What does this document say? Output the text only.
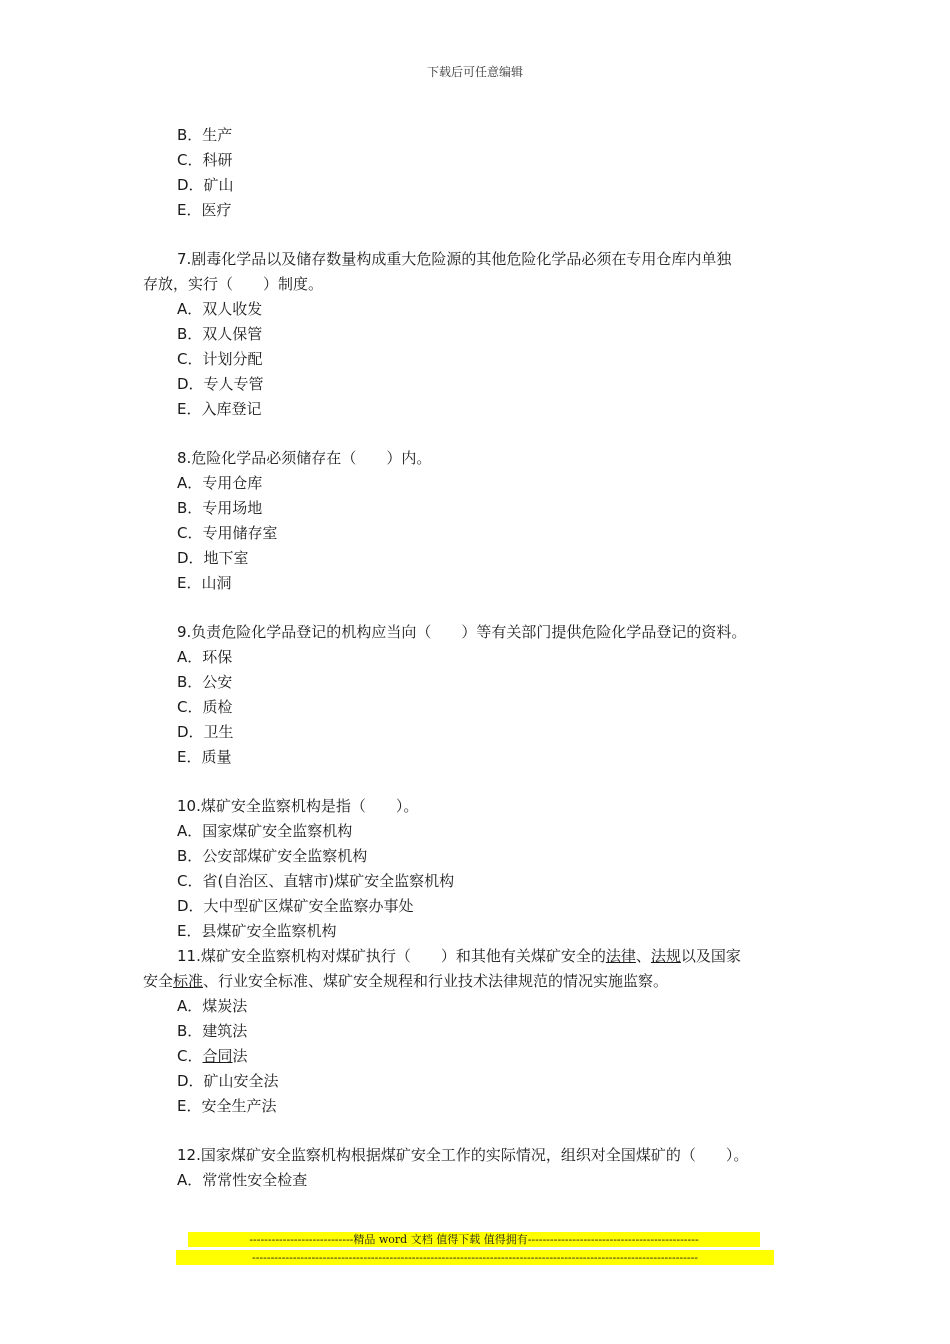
下载后可任意编辑

B．生产

C．科研

D．矿山

E．医疗

7.剧毒化学品以及储存数量构成重大危险源的其他危险化学品必须在专用仓库内单独

存放，实行（　　）制度。

A．双人收发

B．双人保管

C．计划分配

D．专人专管

E．入库登记

8.危险化学品必须储存在（　　）内。

A．专用仓库

B．专用场地

C．专用储存室

D．地下室

E．山洞

9.负责危险化学品登记的机构应当向（　　）等有关部门提供危险化学品登记的资料。

A．环保

B．公安

C．质检

D．卫生

E．质量

10.煤矿安全监察机构是指（　　）。

A．国家煤矿安全监察机构

B．公安部煤矿安全监察机构

C．省(自治区、直辖市)煤矿安全监察机构

D．大中型矿区煤矿安全监察办事处

E．县煤矿安全监察机构

11.煤矿安全监察机构对煤矿执行（　　）和其他有关煤矿安全的法律、法规以及国家

安全标准、行业安全标准、煤矿安全规程和行业技术法律规范的情况实施监察。

A．煤炭法

B．建筑法

C．合同法

D．矿山安全法

E．安全生产法

12.国家煤矿安全监察机构根据煤矿安全工作的实际情况，组织对全国煤矿的（　　）。

A．常常性安全检查

----------------------------精品 word 文档 值得下载 值得拥有----------------------------------------------
------------------------------------------------------------------------------------------------------------------------
